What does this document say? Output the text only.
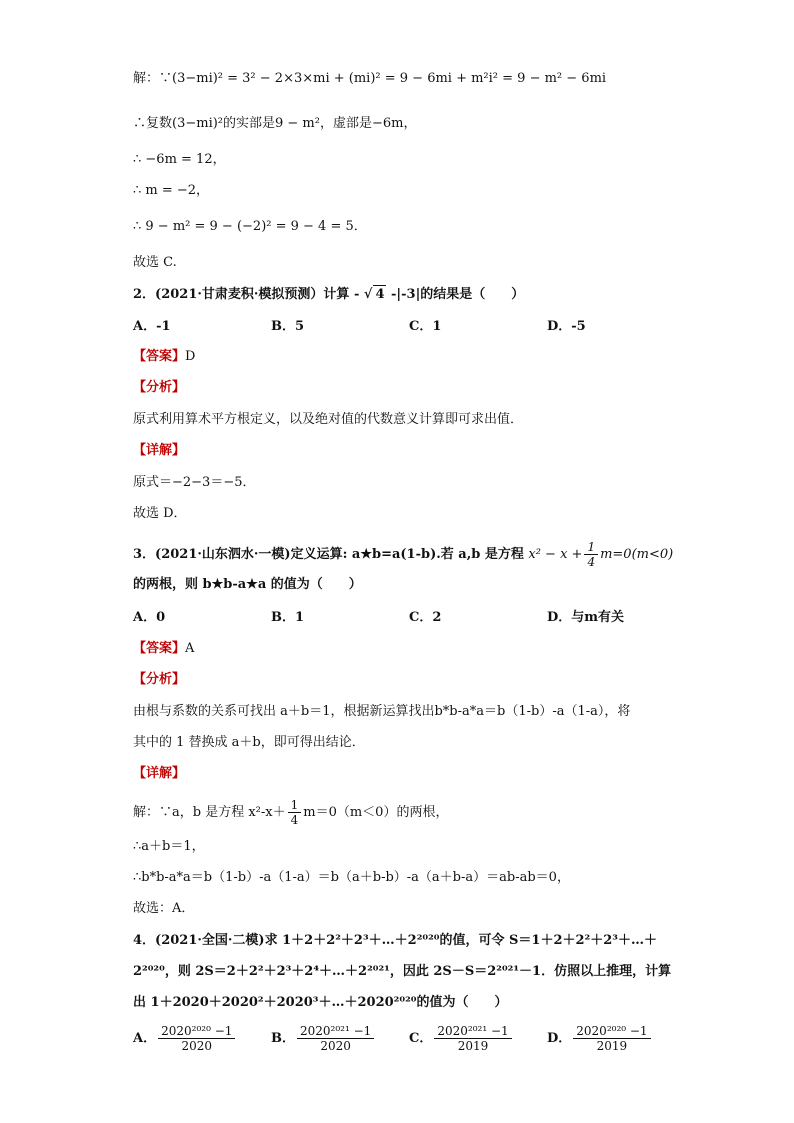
解：∵(3−mi)² = 3² − 2×3×mi + (mi)² = 9 − 6mi + m²i² = 9 − m² − 6mi
∴复数(3−mi)²的实部是9 − m²，虚部是−6m，
∴ −6m = 12，
∴ m = −2，
∴ 9 − m² = 9 − (−2)² = 9 − 4 = 5．
故选 C.
2．(2021·甘肃麦积·模拟预测）计算 - √ 4 -|-3|的结果是（　　）
A．-1	B．5	C．1	D．-5
【答案】D
【分析】
原式利用算术平方根定义，以及绝对值的代数意义计算即可求出值．
【详解】
原式＝−2−3＝−5．
故选 D．
3．(2021·山东泗水·一模)定义运算: a★b=a(1-b).若 a,b 是方程 $x^2 - x + \frac{1}{4} m=0(m<0)$
的两根，则 b★b-a★a 的值为（　　）
A．0	B．1	C．2	D．与m有关
【答案】A
【分析】
由根与系数的关系可找出 a＋b＝1，根据新运算找出b*b-a*a＝b（1-b）-a（1-a），将
其中的 1 替换成 a＋b，即可得出结论．
【详解】
解：∵a，b 是方程 $x^2-x+ \frac{1}{4} m=0(m<0)$的两根，
∴a＋b＝1，
∴b*b-a*a＝b（1-b）-a（1-a）＝b（a＋b-b）-a（a＋b-a）＝ab-ab＝0，
故选：A．
4．(2021·全国·二模)求 1＋2＋2²＋2³＋…＋2²⁰²⁰的值，可令 S＝1＋2＋2²＋2³＋…＋
2²⁰²⁰，则 2S＝2＋2²＋2³＋2⁴＋…＋2²⁰²¹，因此 2S－S＝2²⁰²¹－1．仿照以上推理，计算
出 1＋2020＋2020²＋2020³＋…＋2020²⁰²⁰的值为（　　）
A． $\frac{\text{2020²⁰²⁰ −1}}{2020}$	B． $\frac{\text{2020²⁰²¹ −1}}{2020}$	C． $\frac{\text{2020²⁰²¹ −1}}{2019}$	D． $\frac{\text{2020²⁰²⁰ −1}}{2019}$
